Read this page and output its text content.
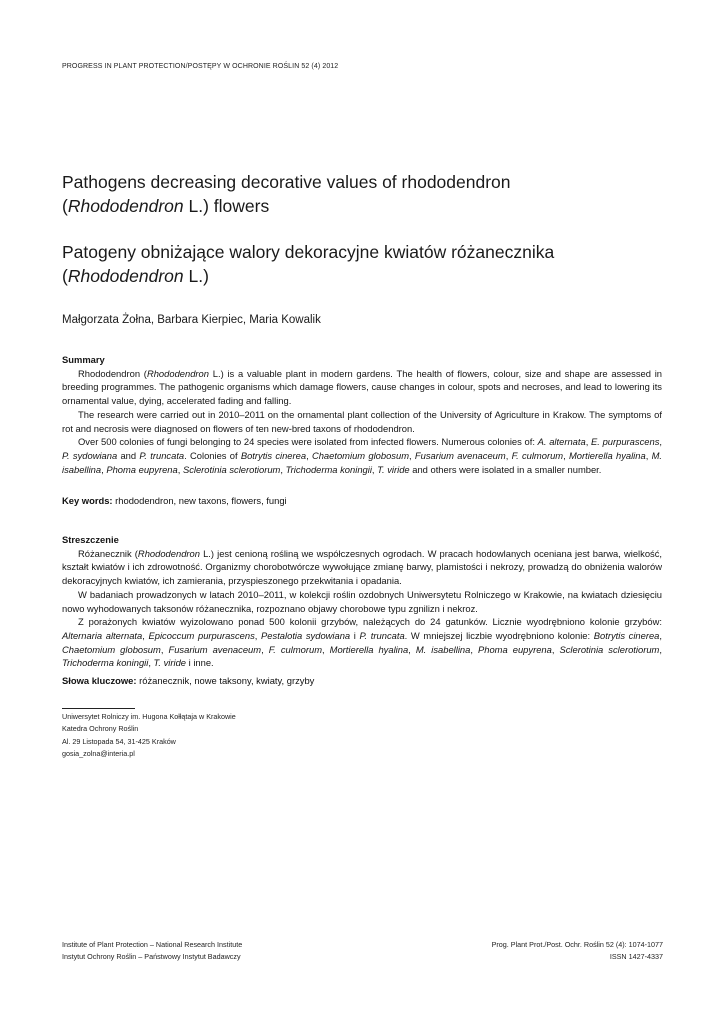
PROGRESS IN PLANT PROTECTION/POSTĘPY W OCHRONIE ROŚLIN 52 (4) 2012
Pathogens decreasing decorative values of rhododendron
(Rhododendron L.) flowers
Patogeny obniżające walory dekoracyjne kwiatów różanecznika
(Rhododendron L.)
Małgorzata Żołna, Barbara Kierpiec, Maria Kowalik
Summary

Rhododendron (Rhododendron L.) is a valuable plant in modern gardens. The health of flowers, colour, size and shape are assessed in breeding programmes. The pathogenic organisms which damage flowers, cause changes in colour, spots and necroses, and lead to lowering its ornamental value, dying, accelerated fading and falling.

The research were carried out in 2010–2011 on the ornamental plant collection of the University of Agriculture in Krakow. The symptoms of rot and necrosis were diagnosed on flowers of ten new-bred taxons of rhododendron.

Over 500 colonies of fungi belonging to 24 species were isolated from infected flowers. Numerous colonies of: A. alternata, E. purpurascens, P. sydowiana and P. truncata. Colonies of Botrytis cinerea, Chaetomium globosum, Fusarium avenaceum, F. culmorum, Mortierella hyalina, M. isabellina, Phoma eupyrena, Sclerotinia sclerotiorum, Trichoderma koningii, T. viride and others were isolated in a smaller number.

Key words: rhododendron, new taxons, flowers, fungi
Streszczenie

Różanecznik (Rhododendron L.) jest cenioną rośliną we współczesnych ogrodach. W pracach hodowlanych oceniana jest barwa, wielkość, kształt kwiatów i ich zdrowotność. Organizmy chorobotwórcze wywołujące zmianę barwy, plamistości i nekrozy, prowadzą do obniżenia walorów dekoracyjnych kwiatów, ich zamierania, przyspieszonego przekwitania i opadania.

W badaniach prowadzonych w latach 2010–2011, w kolekcji roślin ozdobnych Uniwersytetu Rolniczego w Krakowie, na kwiatach dziesięciu nowo wyhodowanych taksonów różanecznika, rozpoznano objawy chorobowe typu zgnilizn i nekroz.

Z porażonych kwiatów wyizolowano ponad 500 kolonii grzybów, należących do 24 gatunków. Licznie wyodrębniono kolonie grzybów: Alternaria alternata, Epicoccum purpurascens, Pestalotia sydowiana i P. truncata. W mniejszej liczbie wyodrębniono kolonie: Botrytis cinerea, Chaetomium globosum, Fusarium avenaceum, F. culmorum, Mortierella hyalina, M. isabellina, Phoma eupyrena, Sclerotinia sclerotiorum, Trichoderma koningii, T. viride i inne.

Słowa kluczowe: różanecznik, nowe taksony, kwiaty, grzyby
Uniwersytet Rolniczy im. Hugona Kołłątaja w Krakowie
Katedra Ochrony Roślin
Al. 29 Listopada 54, 31-425 Kraków
gosia_zolna@interia.pl
Institute of Plant Protection – National Research Institute
Instytut Ochrony Roślin – Państwowy Instytut Badawczy
Prog. Plant Prot./Post. Ochr. Roślin 52 (4): 1074-1077
ISSN 1427-4337
